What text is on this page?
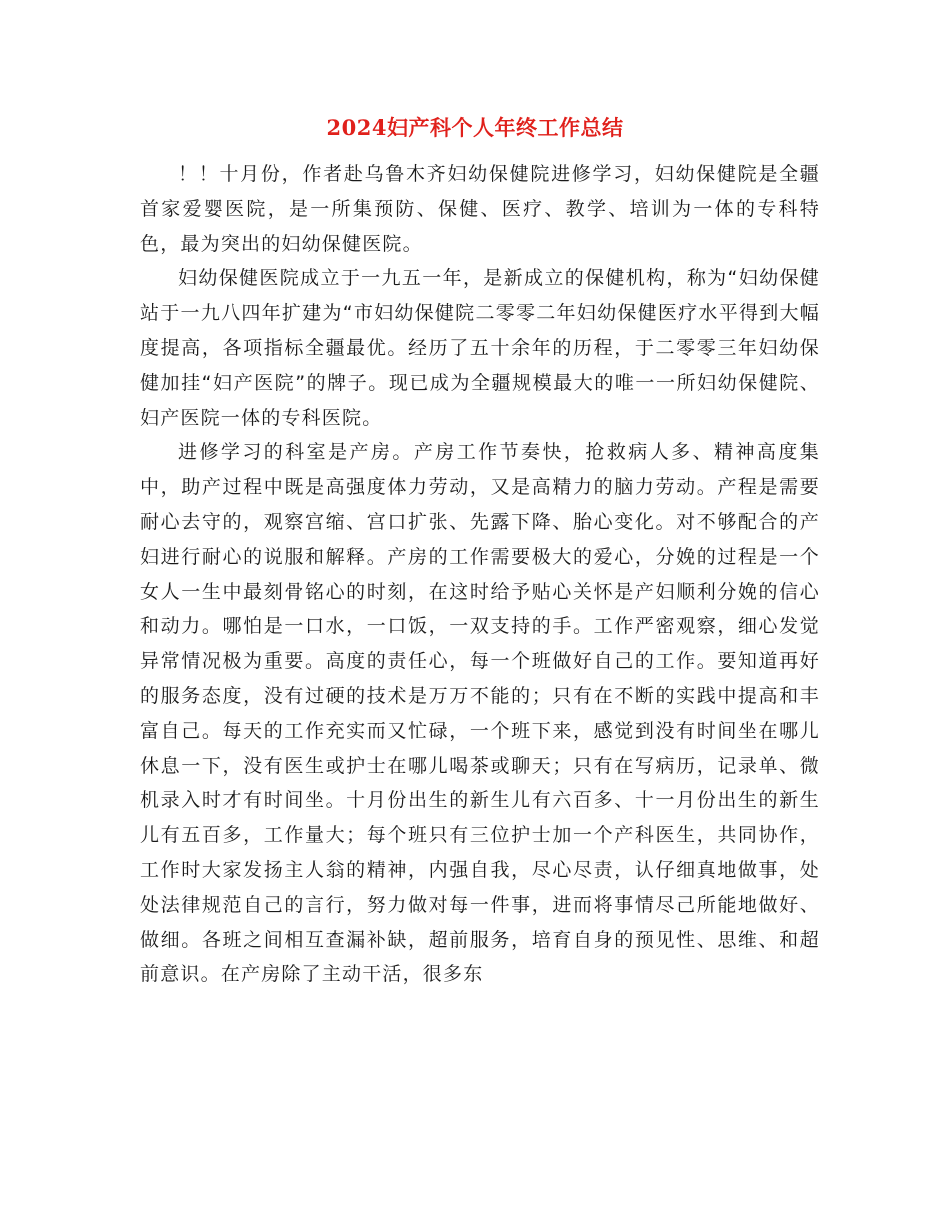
2024妇产科个人年终工作总结

！！十月份，作者赴乌鲁木齐妇幼保健院进修学习，妇幼保健院是全疆首家爱婴医院，是一所集预防、保健、医疗、教学、培训为一体的专科特色，最为突出的妇幼保健医院。

妇幼保健医院成立于一九五一年，是新成立的保健机构，称为“妇幼保健站于一九八四年扩建为“市妇幼保健院二零零二年妇幼保健医疗水平得到大幅度提高，各项指标全疆最优。经历了五十余年的历程，于二零零三年妇幼保健加挂“妇产医院”的牌子。现已成为全疆规模最大的唯一一所妇幼保健院、妇产医院一体的专科医院。

进修学习的科室是产房。产房工作节奏快，抢救病人多、精神高度集中，助产过程中既是高强度体力劳动，又是高精力的脑力劳动。产程是需要耐心去守的，观察宫缩、宫口扩张、先露下降、胎心变化。对不够配合的产妇进行耐心的说服和解释。产房的工作需要极大的爱心，分娩的过程是一个女人一生中最刻骨铭心的时刻，在这时给予贴心关怀是产妇顺利分娩的信心和动力。哪怕是一口水，一口饭，一双支持的手。工作严密观察，细心发觉异常情况极为重要。高度的责任心，每一个班做好自己的工作。要知道再好的服务态度，没有过硬的技术是万万不能的；只有在不断的实践中提高和丰富自己。每天的工作充实而又忙碌，一个班下来，感觉到没有时间坐在哪儿休息一下，没有医生或护士在哪儿喝茶或聊天；只有在写病历，记录单、微机录入时才有时间坐。十月份出生的新生儿有六百多、十一月份出生的新生儿有五百多，工作量大；每个班只有三位护士加一个产科医生，共同协作，工作时大家发扬主人翁的精神，内强自我，尽心尽责，认仔细真地做事，处处法律规范自己的言行，努力做对每一件事，进而将事情尽己所能地做好、做细。各班之间相互查漏补缺，超前服务，培育自身的预见性、思维、和超前意识。在产房除了主动干活，很多东
